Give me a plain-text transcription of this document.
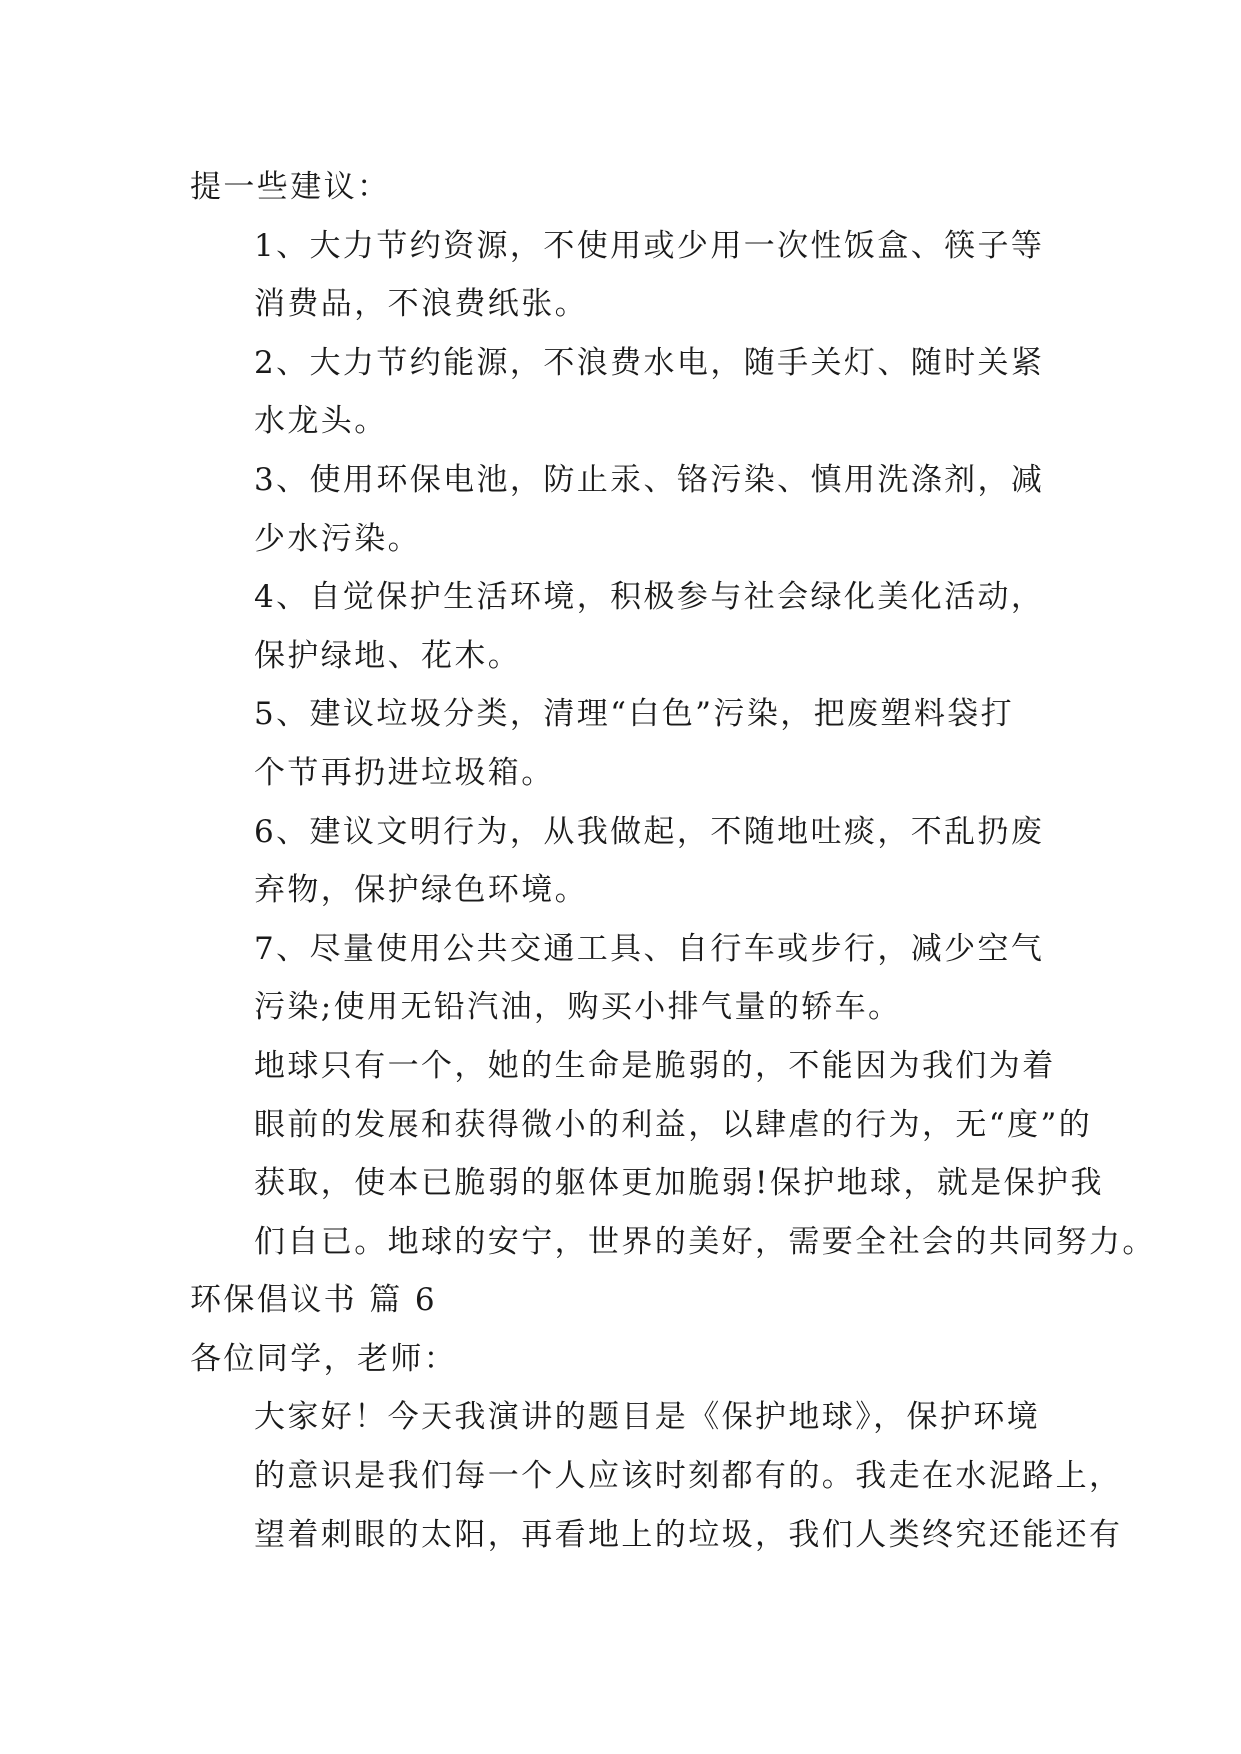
提一些建议：
1、大力节约资源，不使用或少用一次性饭盒、筷子等
消费品，不浪费纸张。
2、大力节约能源，不浪费水电，随手关灯、随时关紧
水龙头。
3、使用环保电池，防止汞、铬污染、慎用洗涤剂，减
少水污染。
4、自觉保护生活环境，积极参与社会绿化美化活动，
保护绿地、花木。
5、建议垃圾分类，清理“白色”污染，把废塑料袋打
个节再扔进垃圾箱。
6、建议文明行为，从我做起，不随地吐痰，不乱扔废
弃物，保护绿色环境。
7、尽量使用公共交通工具、自行车或步行，减少空气
污染;使用无铅汽油，购买小排气量的轿车。
地球只有一个，她的生命是脆弱的，不能因为我们为着
眼前的发展和获得微小的利益，以肆虐的行为，无“度”的
获取，使本已脆弱的躯体更加脆弱!保护地球，就是保护我
们自已。地球的安宁，世界的美好，需要全社会的共同努力。
环保倡议书 篇 6
各位同学，老师：
大家好！今天我演讲的题目是《保护地球》，保护环境
的意识是我们每一个人应该时刻都有的。我走在水泥路上，
望着刺眼的太阳，再看地上的垃圾，我们人类终究还能还有
